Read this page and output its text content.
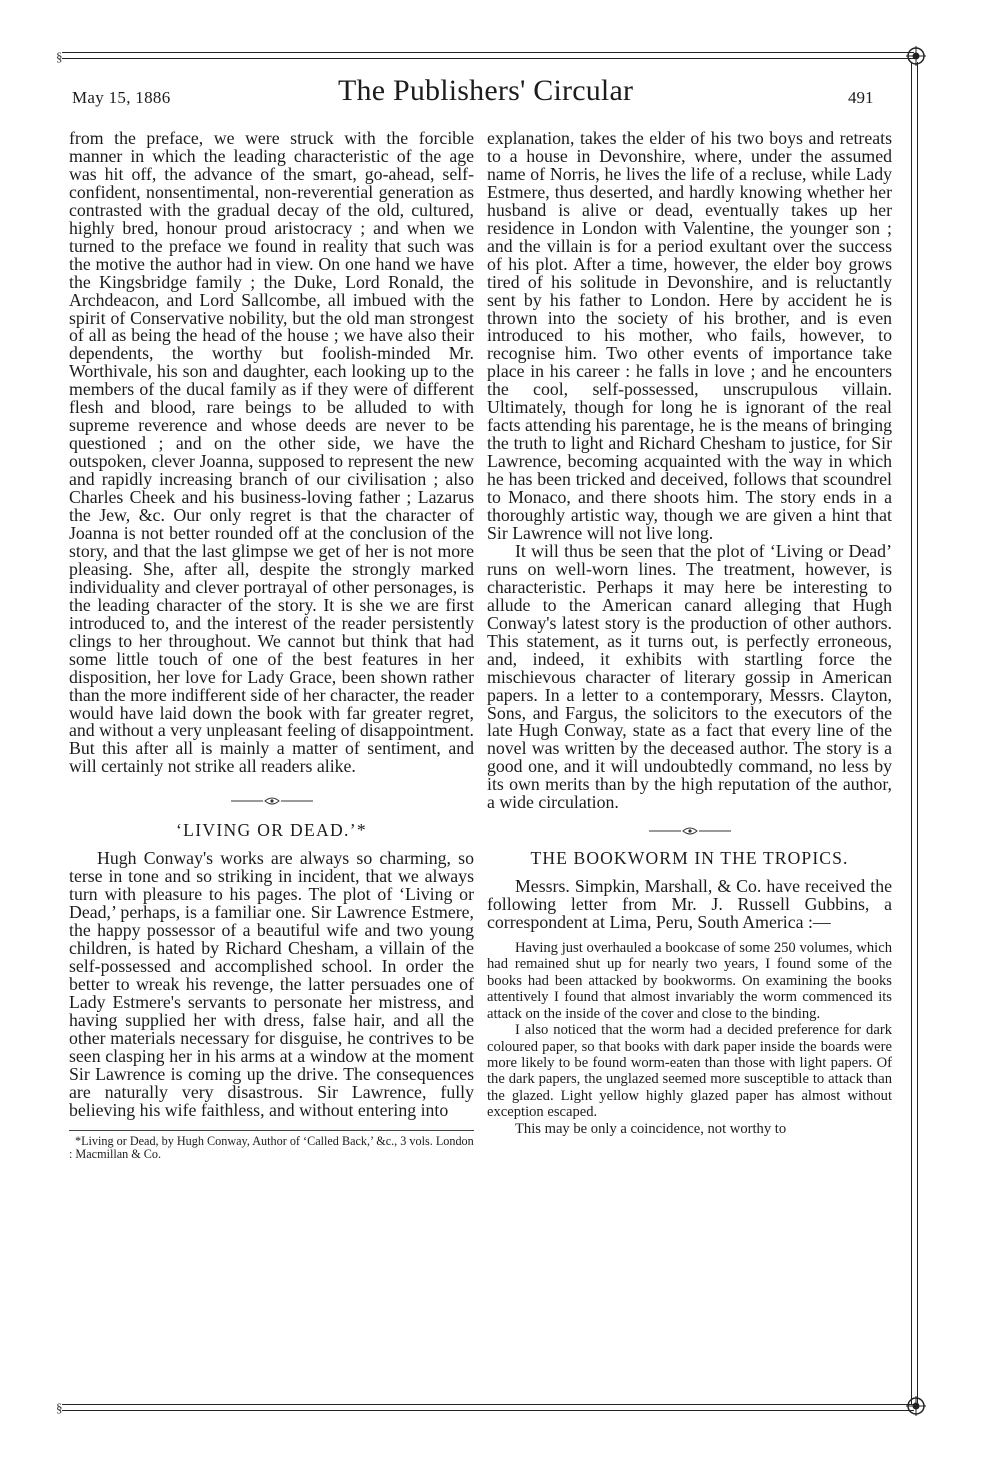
§
§
May 15, 1886	The Publishers' Circular	491

from the preface, we were struck with the forcible manner in which the leading characteristic of the age was hit off, the advance of the smart, go-ahead, self-confident, nonsentimental, non-reverential generation as contrasted with the gradual decay of the old, cultured, highly bred, honour proud aristocracy ; and when we turned to the preface we found in reality that such was the motive the author had in view. On one hand we have the Kingsbridge family ; the Duke, Lord Ronald, the Archdeacon, and Lord Sallcombe, all imbued with the spirit of Conservative nobility, but the old man strongest of all as being the head of the house ; we have also their dependents, the worthy but foolish-minded Mr. Worthivale, his son and daughter, each looking up to the members of the ducal family as if they were of different flesh and blood, rare beings to be alluded to with supreme reverence and whose deeds are never to be questioned ; and on the other side, we have the outspoken, clever Joanna, supposed to represent the new and rapidly increasing branch of our civilisation ; also Charles Cheek and his business-loving father ; Lazarus the Jew, &c. Our only regret is that the character of Joanna is not better rounded off at the conclusion of the story, and that the last glimpse we get of her is not more pleasing. She, after all, despite the strongly marked individuality and clever portrayal of other personages, is the leading character of the story. It is she we are first introduced to, and the interest of the reader persistently clings to her throughout. We cannot but think that had some little touch of one of the best features in her disposition, her love for Lady Grace, been shown rather than the more indifferent side of her character, the reader would have laid down the book with far greater regret, and without a very unpleasant feeling of disappointment. But this after all is mainly a matter of sentiment, and will certainly not strike all readers alike.

‘LIVING OR DEAD.’*

Hugh Conway's works are always so charming, so terse in tone and so striking in incident, that we always turn with pleasure to his pages. The plot of ‘Living or Dead,’ perhaps, is a familiar one. Sir Lawrence Estmere, the happy possessor of a beautiful wife and two young children, is hated by Richard Chesham, a villain of the self-possessed and accomplished school. In order the better to wreak his revenge, the latter persuades one of Lady Estmere's servants to personate her mistress, and having supplied her with dress, false hair, and all the other materials necessary for disguise, he contrives to be seen clasping her in his arms at a window at the moment Sir Lawrence is coming up the drive. The consequences are naturally very disastrous. Sir Lawrence, fully believing his wife faithless, and without entering into

*Living or Dead, by Hugh Conway, Author of ‘Called Back,’ &c., 3 vols. London : Macmillan & Co.

explanation, takes the elder of his two boys and retreats to a house in Devonshire, where, under the assumed name of Norris, he lives the life of a recluse, while Lady Estmere, thus deserted, and hardly knowing whether her husband is alive or dead, eventually takes up her residence in London with Valentine, the younger son ; and the villain is for a period exultant over the success of his plot. After a time, however, the elder boy grows tired of his solitude in Devonshire, and is reluctantly sent by his father to London. Here by accident he is thrown into the society of his brother, and is even introduced to his mother, who fails, however, to recognise him. Two other events of importance take place in his career : he falls in love ; and he encounters the cool, self-possessed, unscrupulous villain. Ultimately, though for long he is ignorant of the real facts attending his parentage, he is the means of bringing the truth to light and Richard Chesham to justice, for Sir Lawrence, becoming acquainted with the way in which he has been tricked and deceived, follows that scoundrel to Monaco, and there shoots him. The story ends in a thoroughly artistic way, though we are given a hint that Sir Lawrence will not live long.

It will thus be seen that the plot of ‘Living or Dead’ runs on well-worn lines. The treatment, however, is characteristic. Perhaps it may here be interesting to allude to the American canard alleging that Hugh Conway's latest story is the production of other authors. This statement, as it turns out, is perfectly erroneous, and, indeed, it exhibits with startling force the mischievous character of literary gossip in American papers. In a letter to a contemporary, Messrs. Clayton, Sons, and Fargus, the solicitors to the executors of the late Hugh Conway, state as a fact that every line of the novel was written by the deceased author. The story is a good one, and it will undoubtedly command, no less by its own merits than by the high reputation of the author, a wide circulation.

THE BOOKWORM IN THE TROPICS.

Messrs. Simpkin, Marshall, & Co. have received the following letter from Mr. J. Russell Gubbins, a correspondent at Lima, Peru, South America :—

Having just overhauled a bookcase of some 250 volumes, which had remained shut up for nearly two years, I found some of the books had been attacked by bookworms. On examining the books attentively I found that almost invariably the worm commenced its attack on the inside of the cover and close to the binding.

I also noticed that the worm had a decided preference for dark coloured paper, so that books with dark paper inside the boards were more likely to be found worm-eaten than those with light papers. Of the dark papers, the unglazed seemed more susceptible to attack than the glazed. Light yellow highly glazed paper has almost without exception escaped.

This may be only a coincidence, not worthy to
